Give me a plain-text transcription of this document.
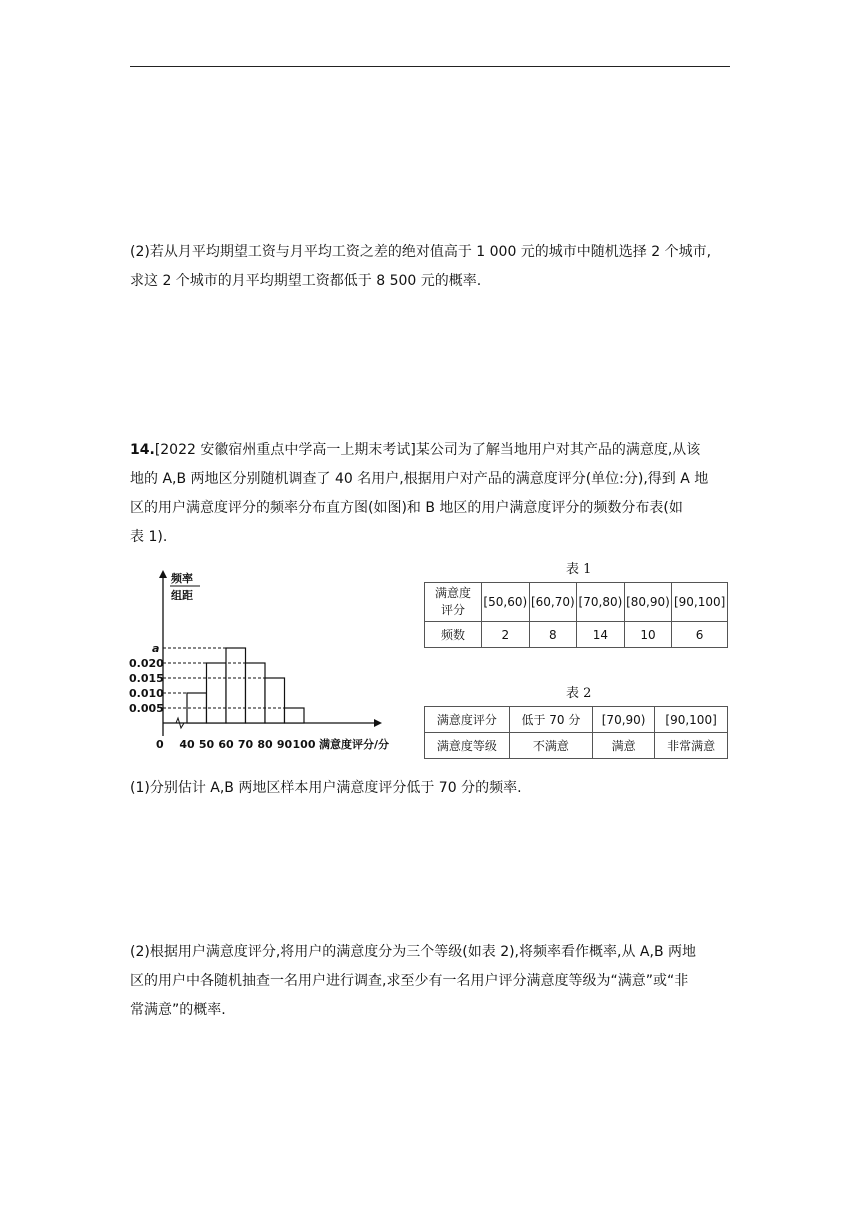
(2)若从月平均期望工资与月平均工资之差的绝对值高于 1 000 元的城市中随机选择 2 个城市,
求这 2 个城市的月平均期望工资都低于 8 500 元的概率.
14.[2022 安徽宿州重点中学高一上期末考试]某公司为了解当地用户对其产品的满意度,从该
地的 A,B 两地区分别随机调查了 40 名用户,根据用户对产品的满意度评分(单位:分),得到 A 地
区的用户满意度评分的频率分布直方图(如图)和 B 地区的用户满意度评分的频数分布表(如
表 1).
频率
组距
满意度评分/分
0
a
0.020
0.015
0.010
0.005
40 50 60 70 80 90 100
表 1
满意度
评分	[50,60)	[60,70)	[70,80)	[80,90)	[90,100]
频数	2	8	14	10	6
表 2
满意度评分	低于 70 分	[70,90)	[90,100]
满意度等级	不满意	满意	非常满意
(1)分别估计 A,B 两地区样本用户满意度评分低于 70 分的频率.
(2)根据用户满意度评分,将用户的满意度分为三个等级(如表 2),将频率看作概率,从 A,B 两地
区的用户中各随机抽查一名用户进行调查,求至少有一名用户评分满意度等级为“满意”或“非
常满意”的概率.
